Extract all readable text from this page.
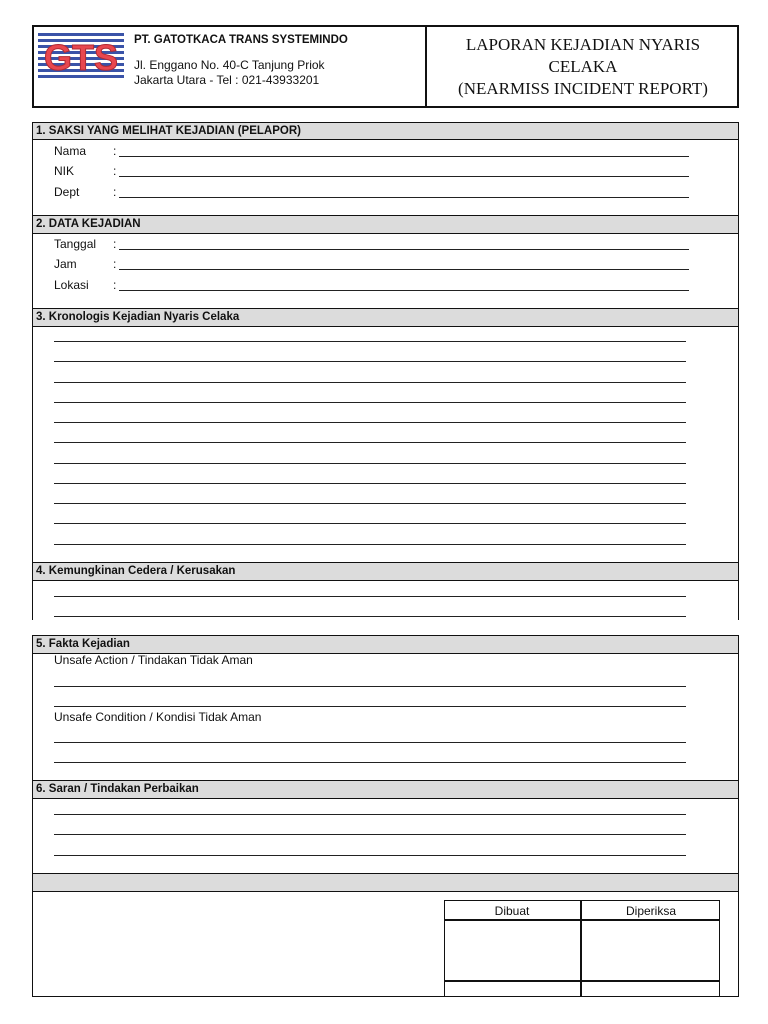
GTS PT. GATOTKACA TRANS SYSTEMINDO
Jl. Enggano No. 40-C Tanjung Priok
Jakarta Utara - Tel : 021-43933201
LAPORAN KEJADIAN NYARIS
CELAKA
(NEARMISS INCIDENT REPORT)
1. SAKSI YANG MELIHAT KEJADIAN (PELAPOR)
Nama :
NIK	:
Dept	:
2. DATA KEJADIAN
Tanggal :
Jam	:
Lokasi :
3. Kronologis Kejadian Nyaris Celaka
4. Kemungkinan Cedera / Kerusakan
5. Fakta Kejadian
Unsafe Action / Tindakan Tidak Aman
Unsafe Condition / Kondisi Tidak Aman
6. Saran / Tindakan Perbaikan
Dibuat	Diperiksa
